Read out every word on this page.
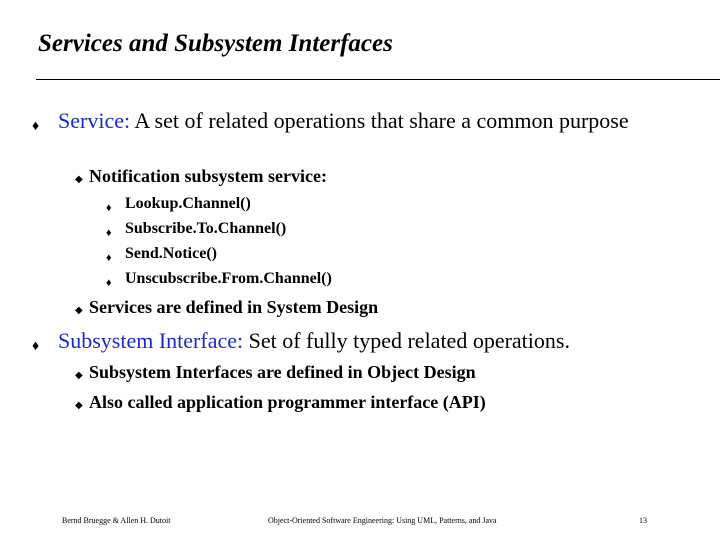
Services and Subsystem Interfaces
♦ Service: A set of related operations that share a common purpose
◆ Notification subsystem service:
♦ Lookup.Channel()
♦ Subscribe.To.Channel()
♦ Send.Notice()
♦ Unscubscribe.From.Channel()
◆ Services are defined in System Design
♦ Subsystem Interface: Set of fully typed related operations.
◆ Subsystem Interfaces are defined in Object Design
◆ Also called application programmer interface (API)
Bernd Bruegge & Allen H. Dutoit	Object-Oriented Software Engineering: Using UML, Patterns, and Java	13
